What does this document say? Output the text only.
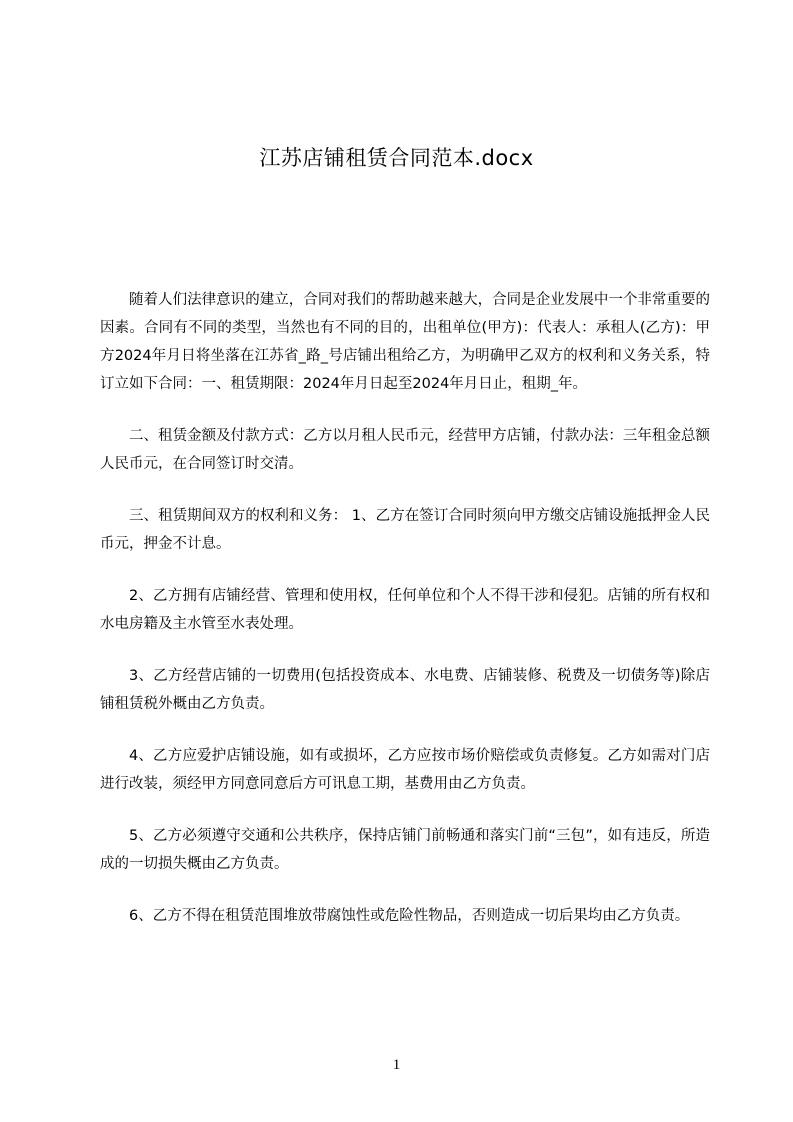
江苏店铺租赁合同范本.docx

随着人们法律意识的建立，合同对我们的帮助越来越大，合同是企业发展中一个非常重要的因素。合同有不同的类型，当然也有不同的目的，出租单位(甲方)：代表人：承租人(乙方)：甲方2024年月日将坐落在江苏省_路_号店铺出租给乙方，为明确甲乙双方的权利和义务关系，特订立如下合同：一、租赁期限：2024年月日起至2024年月日止，租期_年。

二、租赁金额及付款方式：乙方以月租人民币元，经营甲方店铺，付款办法：三年租金总额人民币元，在合同签订时交清。

三、租赁期间双方的权利和义务： 1、乙方在签订合同时须向甲方缴交店铺设施抵押金人民币元，押金不计息。

2、乙方拥有店铺经营、管理和使用权，任何单位和个人不得干涉和侵犯。店铺的所有权和水电房籍及主水管至水表处理。

3、乙方经营店铺的一切费用(包括投资成本、水电费、店铺装修、税费及一切债务等)除店铺租赁税外概由乙方负责。

4、乙方应爱护店铺设施，如有或损坏，乙方应按市场价赔偿或负责修复。乙方如需对门店进行改装，须经甲方同意同意后方可讯息工期，基费用由乙方负责。

5、乙方必须遵守交通和公共秩序，保持店铺门前畅通和落实门前“三包”，如有违反，所造成的一切损失概由乙方负责。

6、乙方不得在租赁范围堆放带腐蚀性或危险性物品，否则造成一切后果均由乙方负责。

1
